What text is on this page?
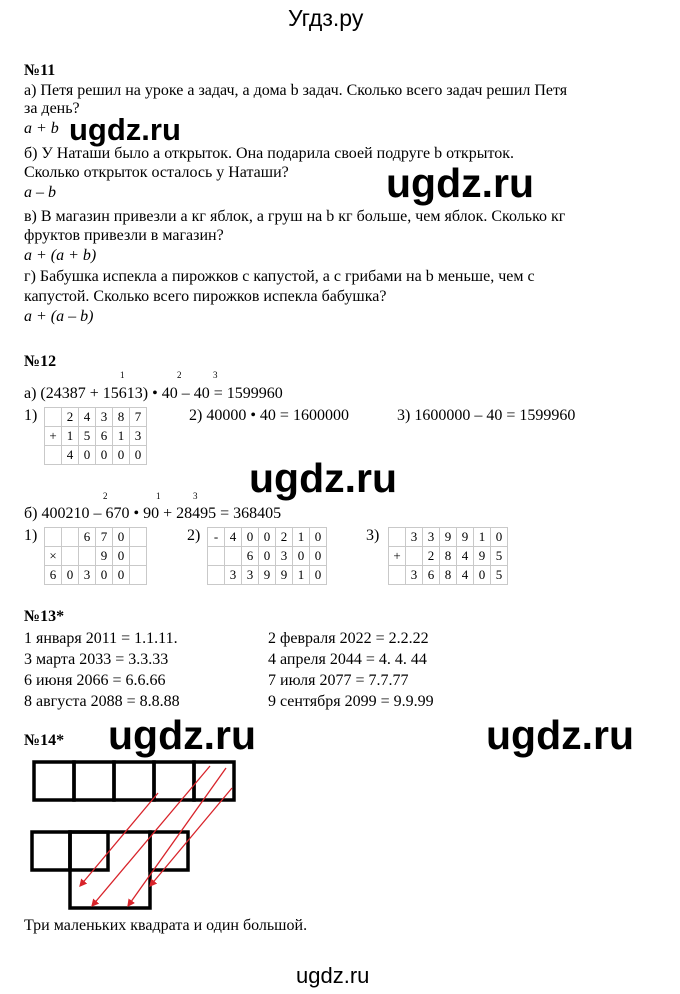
Угдз.ру
№11
а) Петя решил на уроке а задач, а дома b задач. Сколько всего задач решил Петя
за день?
a + b
б) У Наташи было а открыток. Она подарила своей подруге b открыток.
Сколько открыток осталось у Наташи?
a – b
в) В магазин привезли а кг яблок, а груш на b кг больше, чем яблок. Сколько кг
фруктов привезли в магазин?
a + (a + b)
г) Бабушка испекла а пирожков с капустой, а с грибами на b меньше, чем с
капустой. Сколько всего пирожков испекла бабушка?
a + (a – b)
ugdz.ru
ugdz.ru
№12
1	2	3
а) (24387 + 15613) • 40 – 40 = 1599960
1)	2) 40000 • 40 = 1600000	3) 1600000 – 40 = 1599960
	2	4	3	8	7
+	1	5	6	1	3
	4	0	0	0	0
ugdz.ru
2	1	3
б) 400210 – 670 • 90 + 28495 = 368405
1)	2)	3)
		6	7	0	
×			9	0	
6	0	3	0	0	
-	4	0	0	2	1	0
		6	0	3	0	0
	3	3	9	9	1	0
	3	3	9	9	1	0
+		2	8	4	9	5
	3	6	8	4	0	5
№13*
1 января 2011 = 1.1.11.	2 февраля 2022 = 2.2.22
3 марта 2033 = 3.3.33	4 апреля 2044 = 4. 4. 44
6 июня 2066 = 6.6.66	7 июля 2077 = 7.7.77
8 августа 2088 = 8.8.88	9 сентября 2099 = 9.9.99
№14* ugdz.ru	ugdz.ru
Три маленьких квадрата и один большой.
ugdz.ru
